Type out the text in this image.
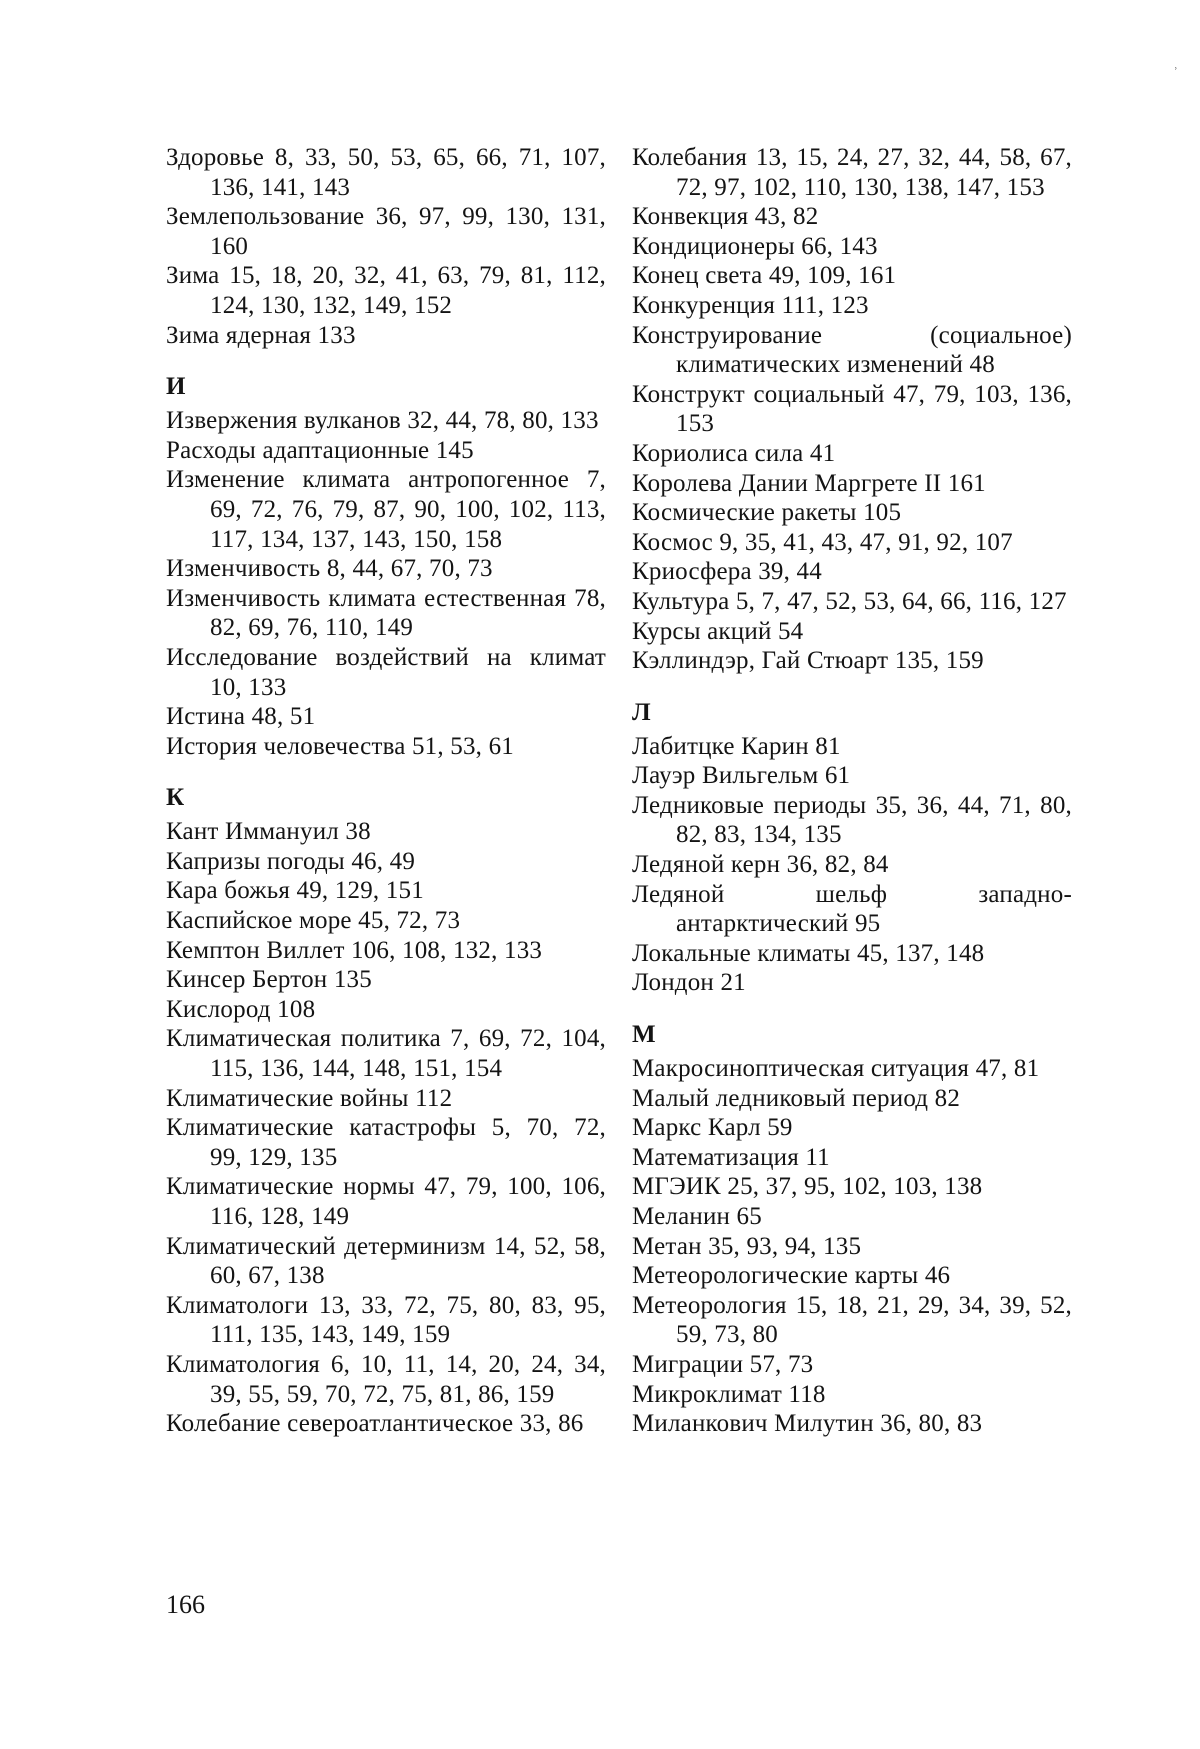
ʾ
Здоровье 8, 33, 50, 53, 65, 66, 71, 107, 136, 141, 143
Землепользование 36, 97, 99, 130, 131, 160
Зима 15, 18, 20, 32, 41, 63, 79, 81, 112, 124, 130, 132, 149, 152
Зима ядерная 133
И
Извержения вулканов 32, 44, 78, 80, 133
Расходы адаптационные 145
Изменение климата антропогенное 7, 69, 72, 76, 79, 87, 90, 100, 102, 113, 117, 134, 137, 143, 150, 158
Изменчивость 8, 44, 67, 70, 73
Изменчивость климата естественная 78, 82, 69, 76, 110, 149
Исследование воздействий на климат 10, 133
Истина 48, 51
История человечества 51, 53, 61
К
Кант Иммануил 38
Капризы погоды 46, 49
Кара божья 49, 129, 151
Каспийское море 45, 72, 73
Кемптон Виллет 106, 108, 132, 133
Кинсер Бертон 135
Кислород 108
Климатическая политика 7, 69, 72, 104, 115, 136, 144, 148, 151, 154
Климатические войны 112
Климатические катастрофы 5, 70, 72, 99, 129, 135
Климатические нормы 47, 79, 100, 106, 116, 128, 149
Климатический детерминизм 14, 52, 58, 60, 67, 138
Климатологи 13, 33, 72, 75, 80, 83, 95, 111, 135, 143, 149, 159
Климатология 6, 10, 11, 14, 20, 24, 34, 39, 55, 59, 70, 72, 75, 81, 86, 159
Колебание североатлантическое 33, 86
Колебания 13, 15, 24, 27, 32, 44, 58, 67, 72, 97, 102, 110, 130, 138, 147, 153
Конвекция 43, 82
Кондиционеры 66, 143
Конец света 49, 109, 161
Конкуренция 111, 123
Конструирование (социальное) климатических изменений 48
Конструкт социальный 47, 79, 103, 136, 153
Кориолиса сила 41
Королева Дании Маргрете II 161
Космические ракеты 105
Космос 9, 35, 41, 43, 47, 91, 92, 107
Криосфера 39, 44
Культура 5, 7, 47, 52, 53, 64, 66, 116, 127
Курсы акций 54
Кэллиндэр, Гай Стюарт 135, 159
Л
Лабитцке Карин 81
Лауэр Вильгельм 61
Ледниковые периоды 35, 36, 44, 71, 80, 82, 83, 134, 135
Ледяной керн 36, 82, 84
Ледяной шельф западно-антарктический 95
Локальные климаты 45, 137, 148
Лондон 21
М
Макросиноптическая ситуация 47, 81
Малый ледниковый период 82
Маркс Карл 59
Математизация 11
МГЭИК 25, 37, 95, 102, 103, 138
Меланин 65
Метан 35, 93, 94, 135
Метеорологические карты 46
Метеорология 15, 18, 21, 29, 34, 39, 52, 59, 73, 80
Миграции 57, 73
Микроклимат 118
Миланкович Милутин 36, 80, 83
166
